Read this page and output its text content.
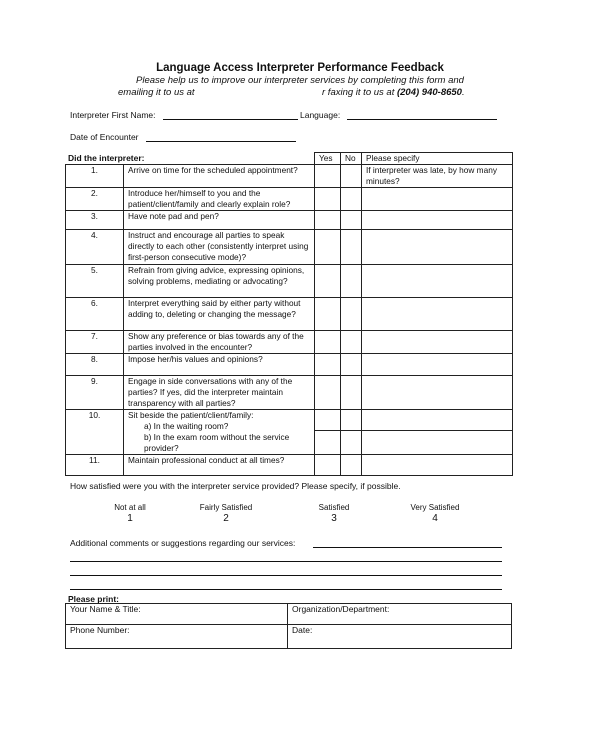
Language Access Interpreter Performance Feedback
Please help us to improve our interpreter services by completing this form and
emailing it to us at	r faxing it to us at (204) 940-8650.
Interpreter First Name:	Language:
Date of Encounter
Did the interpreter:
		Yes	No	Please specify
1.	Arrive on time for the scheduled appointment?			If interpreter was late, by how many minutes?
2.	Introduce her/himself to you and the patient/client/family and clearly explain role?			
3.	Have note pad and pen?			
4.	Instruct and encourage all parties to speak directly to each other (consistently interpret using first-person consecutive mode)?			
5.	Refrain from giving advice, expressing opinions, solving problems, mediating or advocating?			
6.	Interpret everything said by either party without adding to, deleting or changing the message?			
7.	Show any preference or bias towards any of the parties involved in the encounter?			
8.	Impose her/his values and opinions?			
9.	Engage in side conversations with any of the parties? If yes, did the interpreter maintain transparency with all parties?			
10.	Sit beside the patient/client/family:
a) In the waiting room?
b) In the exam room without the service provider?			

11.	Maintain professional conduct at all times?			
How satisfied were you with the interpreter service provided? Please specify, if possible.
Not at all
1
Fairly Satisfied
2
Satisfied
3
Very Satisfied
4
Additional comments or suggestions regarding our services:
Please print:
Your Name & Title:	Organization/Department:
Phone Number:	Date:
